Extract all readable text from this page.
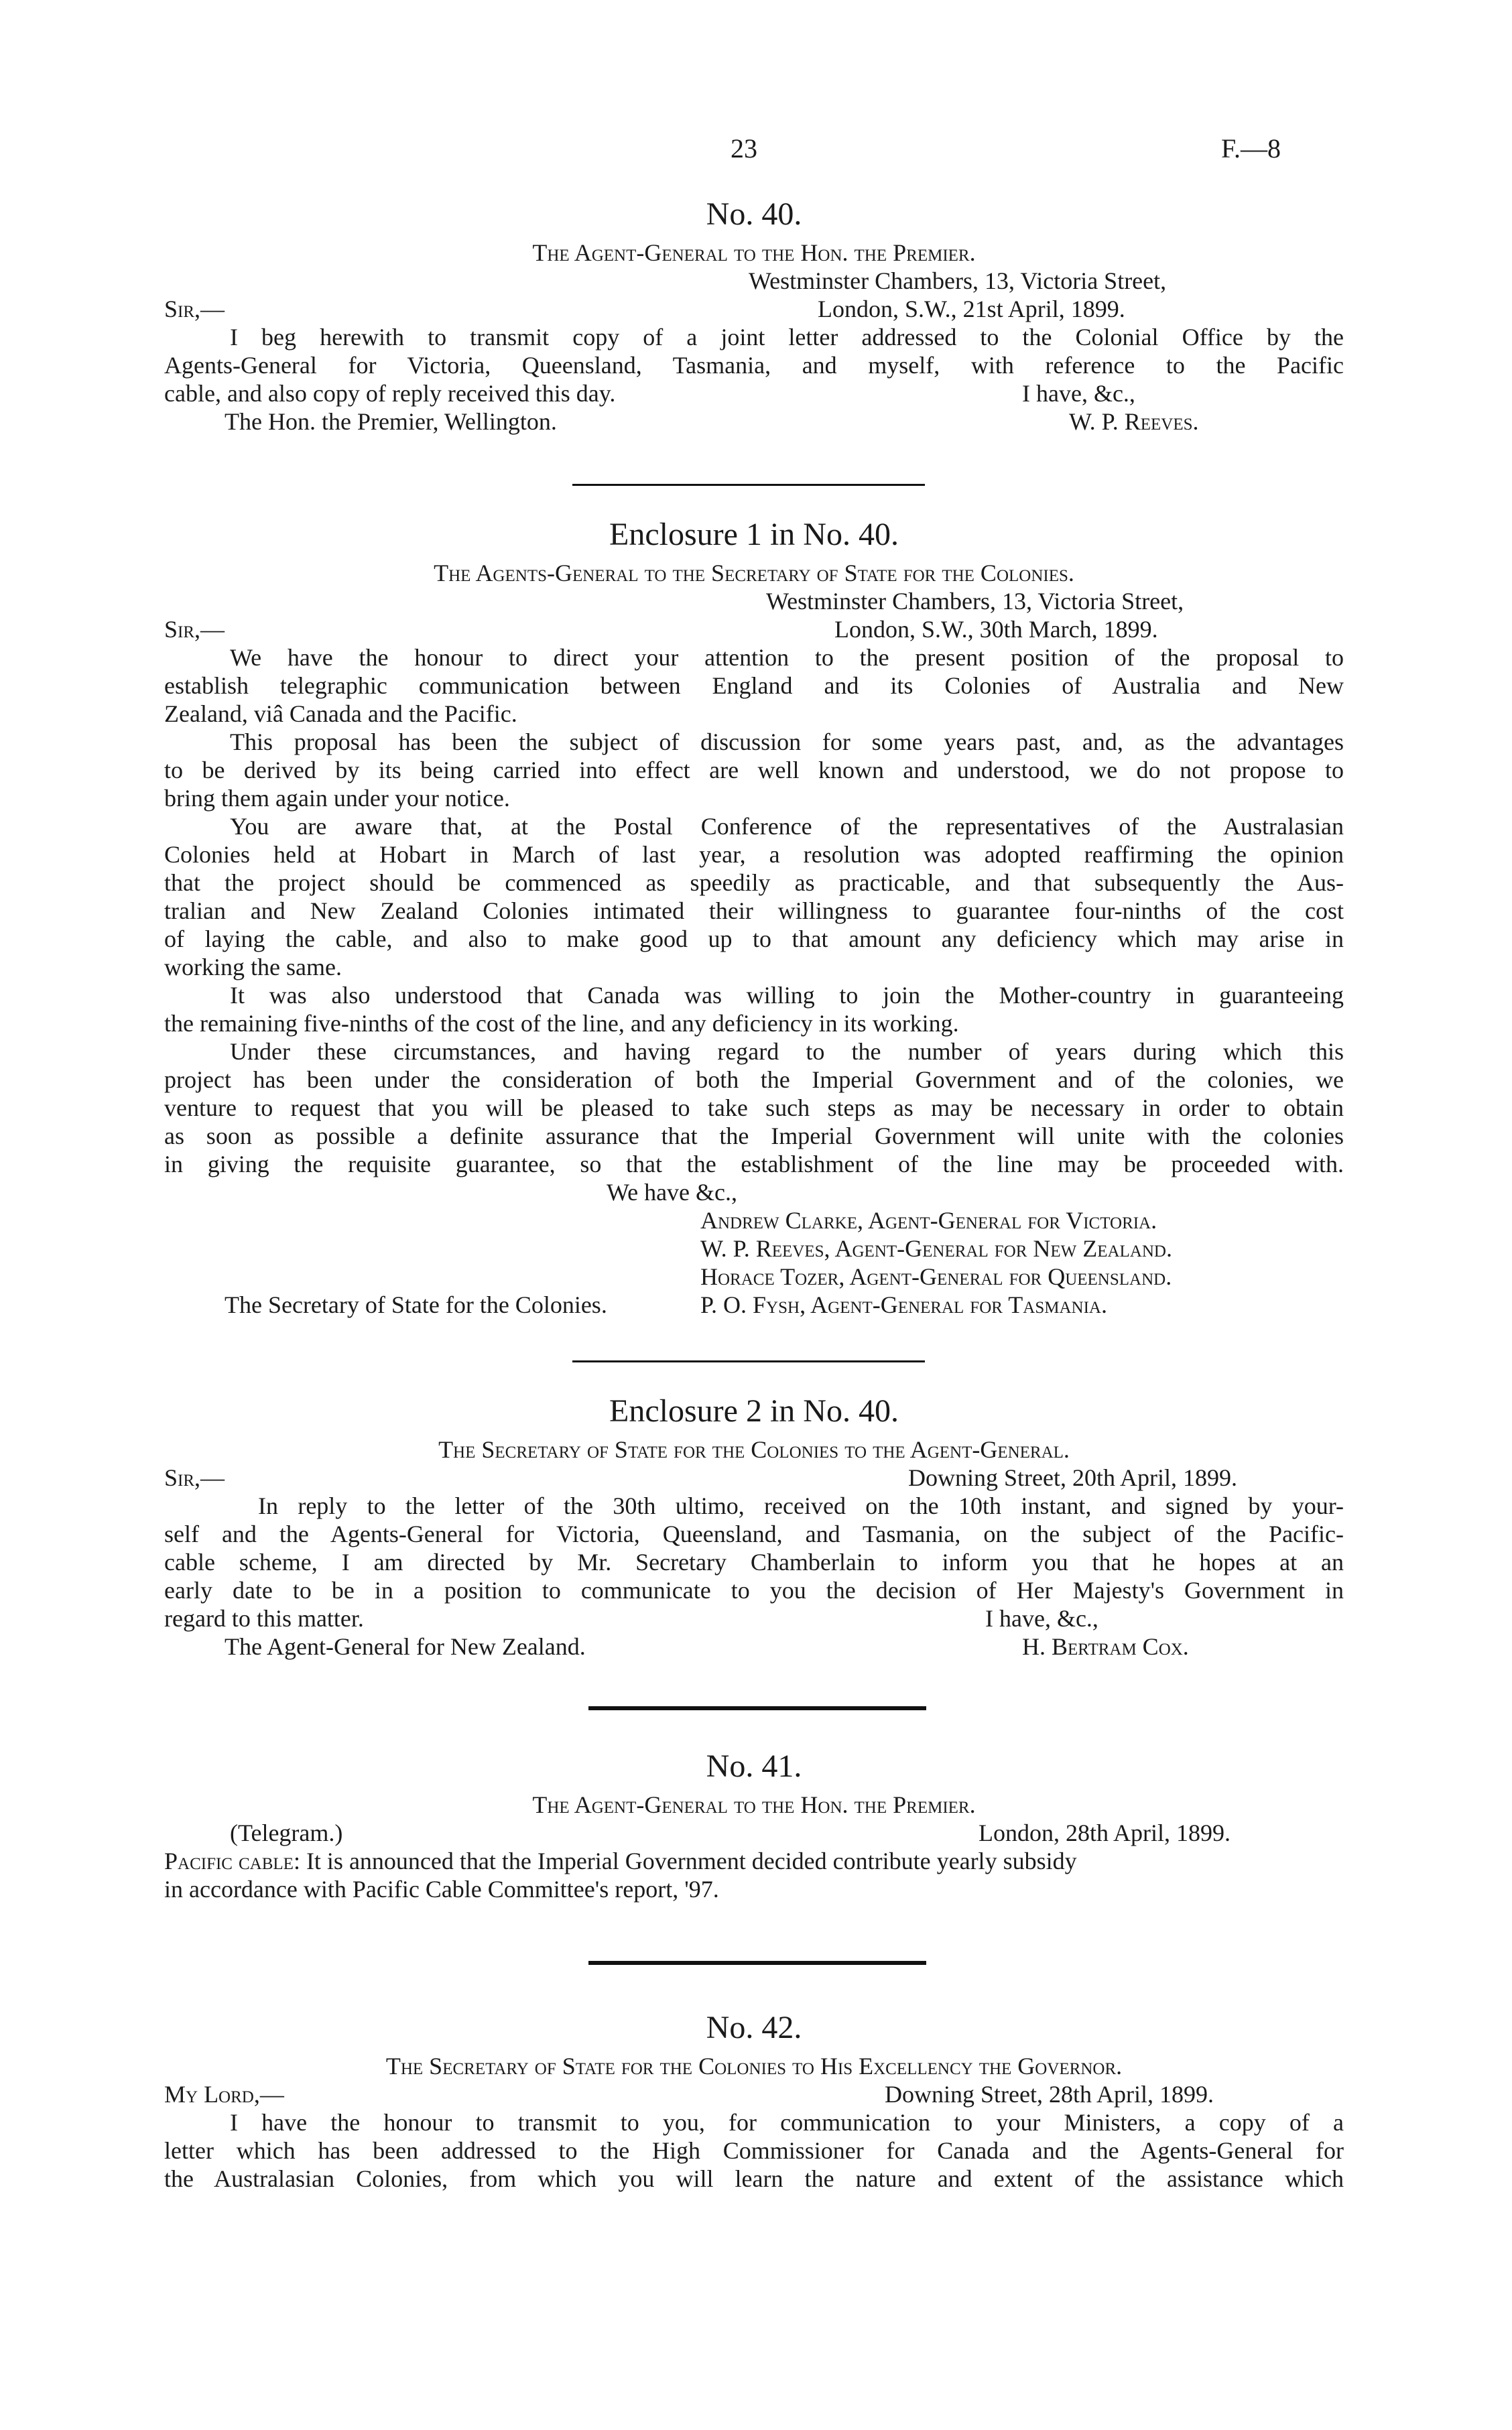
23	F.—8
No. 40.
The Agent-General to the Hon. the Premier.
Westminster Chambers, 13, Victoria Street,
Sir,—	London, S.W., 21st April, 1899.
I beg herewith to transmit copy of a joint letter addressed to the Colonial Office by the
Agents-General for Victoria, Queensland, Tasmania, and myself, with reference to the Pacific
cable, and also copy of reply received this day.	I have, &c.,
The Hon. the Premier, Wellington.	W. P. Reeves.
Enclosure 1 in No. 40.
The Agents-General to the Secretary of State for the Colonies.
Westminster Chambers, 13, Victoria Street,
Sir,—	London, S.W., 30th March, 1899.
We have the honour to direct your attention to the present position of the proposal to
establish telegraphic communication between England and its Colonies of Australia and New
Zealand, viâ Canada and the Pacific.
This proposal has been the subject of discussion for some years past, and, as the advantages
to be derived by its being carried into effect are well known and understood, we do not propose to
bring them again under your notice.
You are aware that, at the Postal Conference of the representatives of the Australasian
Colonies held at Hobart in March of last year, a resolution was adopted reaffirming the opinion
that the project should be commenced as speedily as practicable, and that subsequently the Aus-
tralian and New Zealand Colonies intimated their willingness to guarantee four-ninths of the cost
of laying the cable, and also to make good up to that amount any deficiency which may arise in
working the same.
It was also understood that Canada was willing to join the Mother-country in guaranteeing
the remaining five-ninths of the cost of the line, and any deficiency in its working.
Under these circumstances, and having regard to the number of years during which this
project has been under the consideration of both the Imperial Government and of the colonies, we
venture to request that you will be pleased to take such steps as may be necessary in order to obtain
as soon as possible a definite assurance that the Imperial Government will unite with the colonies
in giving the requisite guarantee, so that the establishment of the line may be proceeded with.
We have &c.,
Andrew Clarke, Agent-General for Victoria.
W. P. Reeves, Agent-General for New Zealand.
Horace Tozer, Agent-General for Queensland.
The Secretary of State for the Colonies.	P. O. Fysh, Agent-General for Tasmania.
Enclosure 2 in No. 40.
The Secretary of State for the Colonies to the Agent-General.
Sir,—	Downing Street, 20th April, 1899.
In reply to the letter of the 30th ultimo, received on the 10th instant, and signed by your-
self and the Agents-General for Victoria, Queensland, and Tasmania, on the subject of the Pacific-
cable scheme, I am directed by Mr. Secretary Chamberlain to inform you that he hopes at an
early date to be in a position to communicate to you the decision of Her Majesty's Government in
regard to this matter.	I have, &c.,
The Agent-General for New Zealand.	H. Bertram Cox.
No. 41.
The Agent-General to the Hon. the Premier.
(Telegram.)	London, 28th April, 1899.
Pacific cable: It is announced that the Imperial Government decided contribute yearly subsidy
in accordance with Pacific Cable Committee's report, '97.
No. 42.
The Secretary of State for the Colonies to His Excellency the Governor.
My Lord,—	Downing Street, 28th April, 1899.
I have the honour to transmit to you, for communication to your Ministers, a copy of a
letter which has been addressed to the High Commissioner for Canada and the Agents-General for
the Australasian Colonies, from which you will learn the nature and extent of the assistance which
